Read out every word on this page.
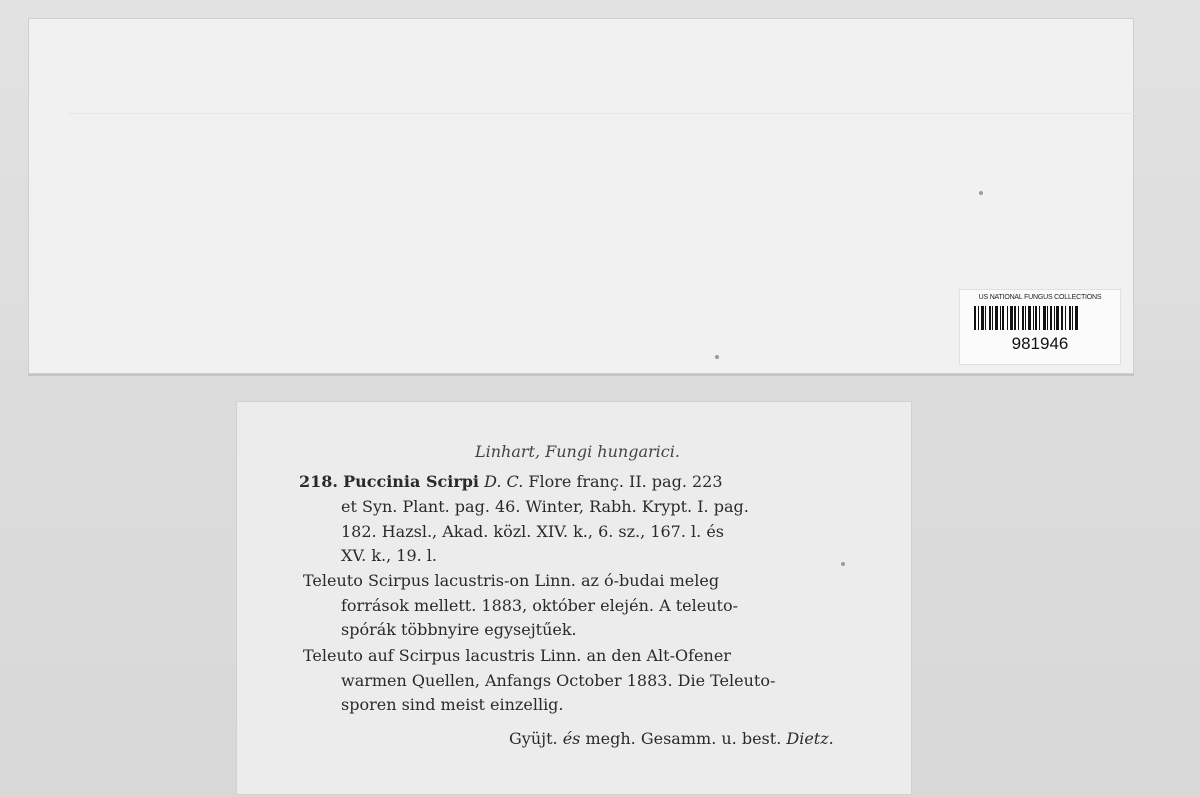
US NATIONAL FUNGUS COLLECTIONS
981946
Linhart, Fungi hungarici.
218. Puccinia Scirpi D. C. Flore franç. II. pag. 223
et Syn. Plant. pag. 46. Winter, Rabh. Krypt. I. pag.
182. Hazsl., Akad. közl. XIV. k., 6. sz., 167. l. és
XV. k., 19. l.
Teleuto Scirpus lacustris-on Linn. az ó-budai meleg
források mellett. 1883, október elején. A teleuto-
spórák többnyire egysejtűek.
Teleuto auf Scirpus lacustris Linn. an den Alt-Ofener
warmen Quellen, Anfangs October 1883. Die Teleuto-
sporen sind meist einzellig.
Gyüjt. és megh. Gesamm. u. best. Dietz.
